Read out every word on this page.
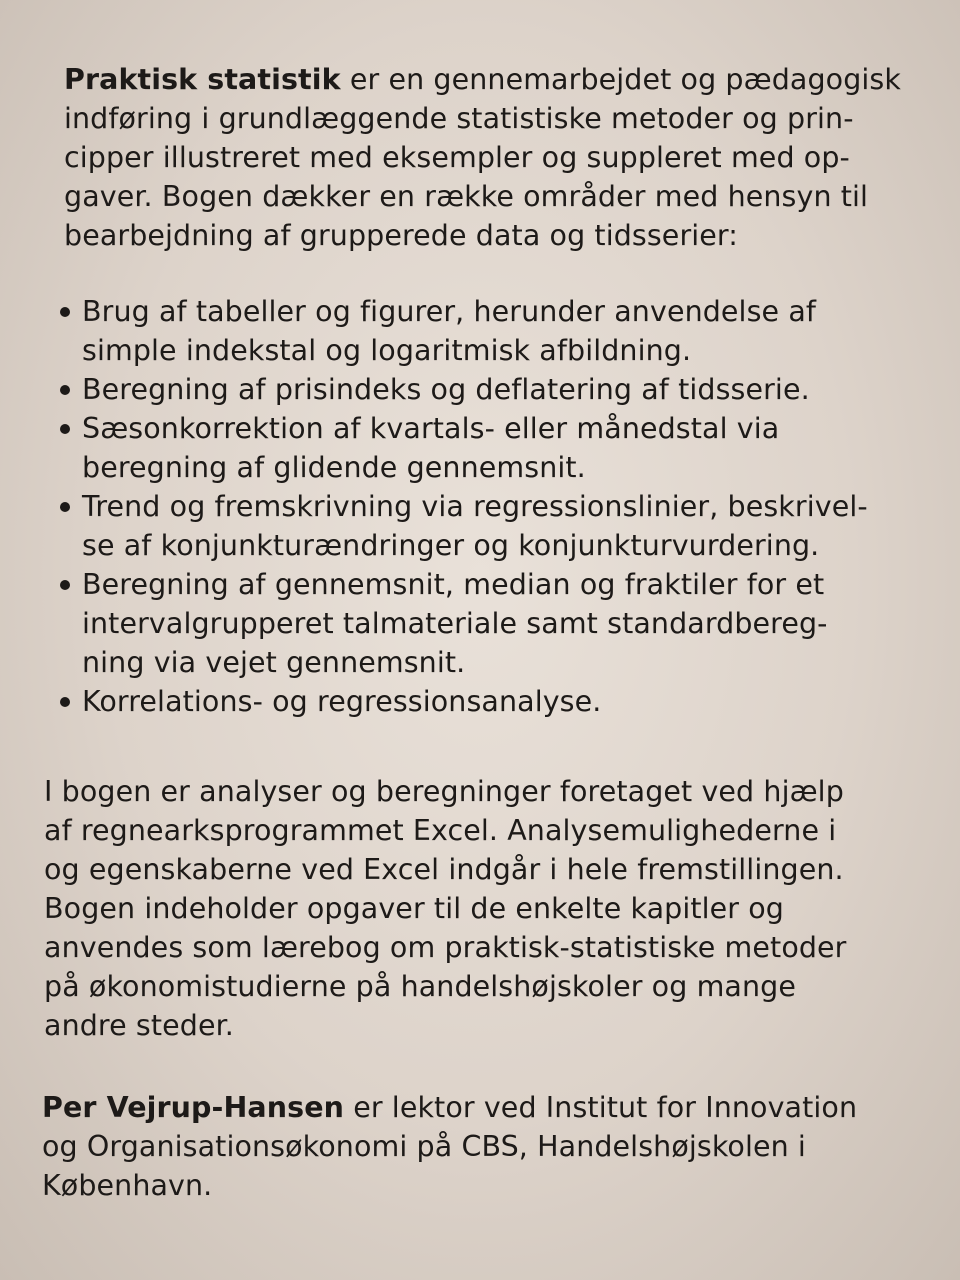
Praktisk statistik er en gennemarbejdet og pædagogisk
indføring i grundlæggende statistiske metoder og prin-
cipper illustreret med eksempler og suppleret med op-
gaver. Bogen dækker en række områder med hensyn til
bearbejdning af grupperede data og tidsserier:
Brug af tabeller og figurer, herunder anvendelse af
simple indekstal og logaritmisk afbildning.
Beregning af prisindeks og deflatering af tidsserie.
Sæsonkorrektion af kvartals- eller månedstal via
beregning af glidende gennemsnit.
Trend og fremskrivning via regressionslinier, beskrivel-
se af konjunkturændringer og konjunkturvurdering.
Beregning af gennemsnit, median og fraktiler for et
intervalgrupperet talmateriale samt standardbereg-
ning via vejet gennemsnit.
Korrelations- og regressionsanalyse.
I bogen er analyser og beregninger foretaget ved hjælp
af regnearksprogrammet Excel. Analysemulighederne i
og egenskaberne ved Excel indgår i hele fremstillingen.
Bogen indeholder opgaver til de enkelte kapitler og
anvendes som lærebog om praktisk-statistiske metoder
på økonomistudierne på handelshøjskoler og mange
andre steder.
Per Vejrup-Hansen er lektor ved Institut for Innovation
og Organisationsøkonomi på CBS, Handelshøjskolen i
København.
